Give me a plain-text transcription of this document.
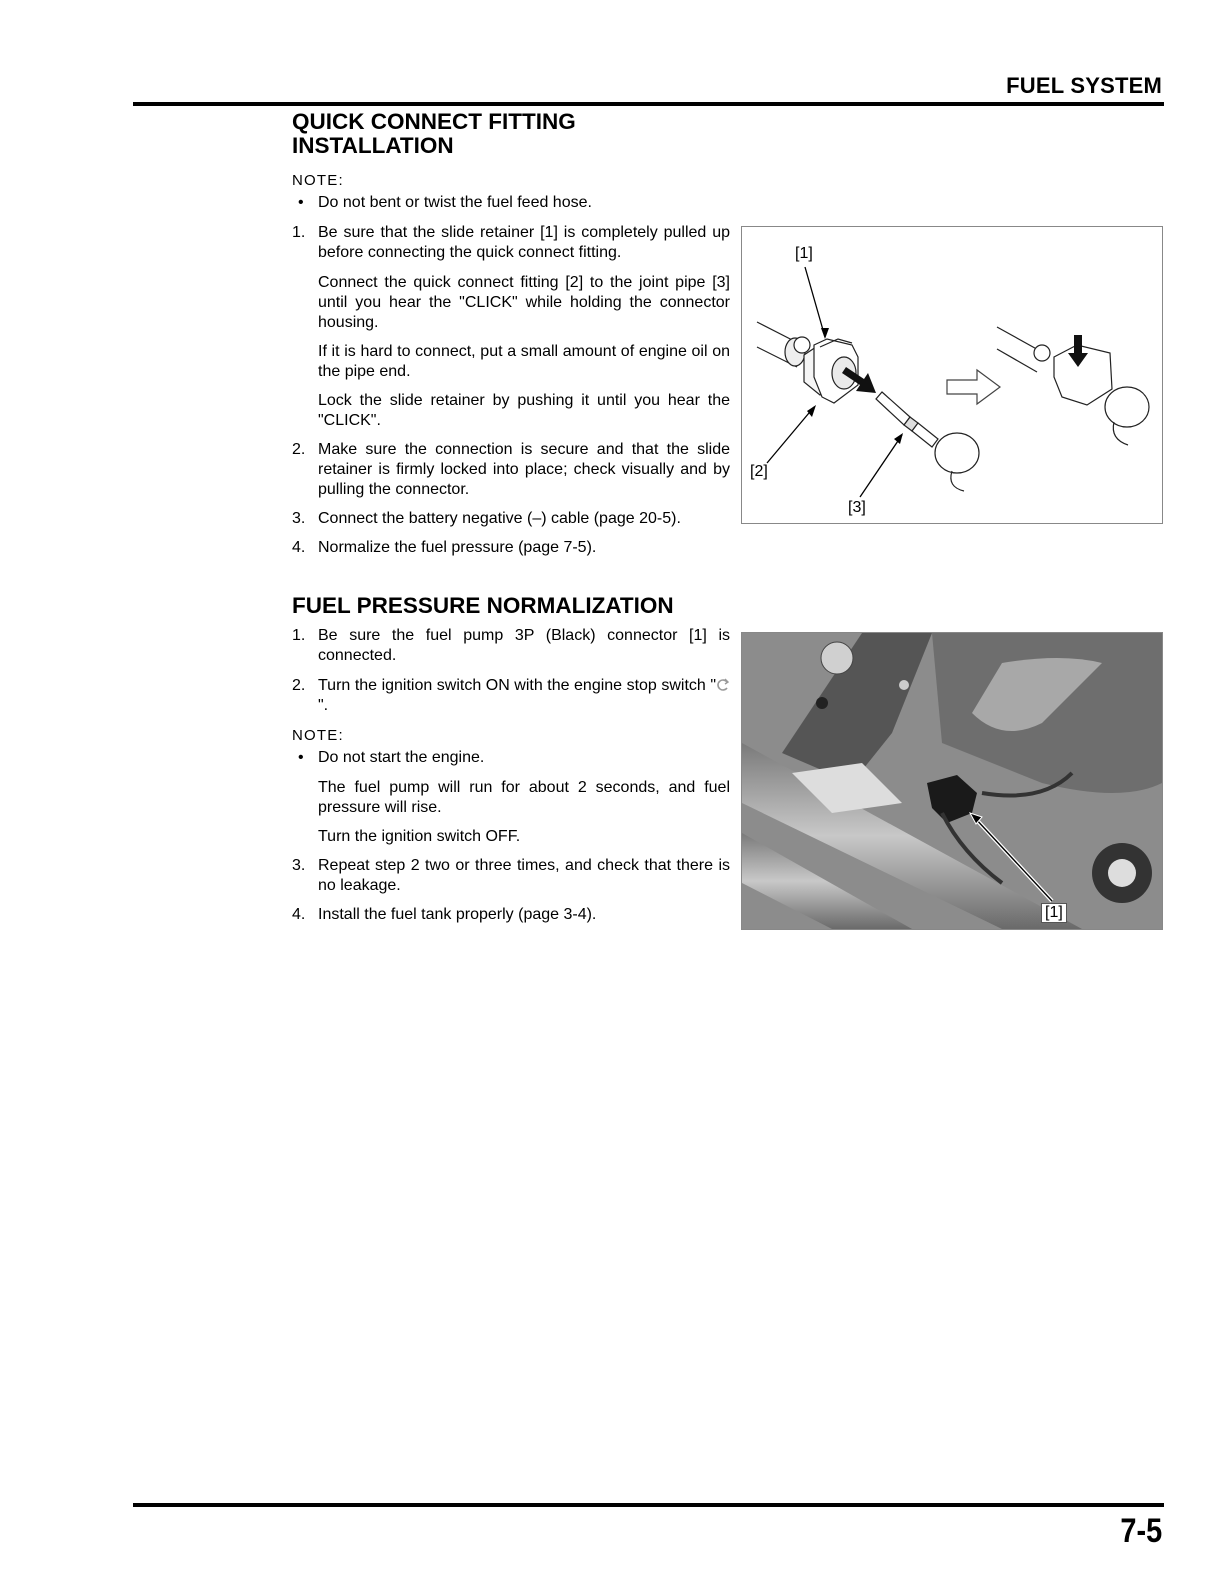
FUEL SYSTEM
QUICK CONNECT FITTING
INSTALLATION
NOTE:
• Do not bent or twist the fuel feed hose.
1. Be sure that the slide retainer [1] is completely pulled up before connecting the quick connect fitting.
Connect the quick connect fitting [2] to the joint pipe [3] until you hear the "CLICK" while holding the connector housing.
If it is hard to connect, put a small amount of engine oil on the pipe end.
Lock the slide retainer by pushing it until you hear the "CLICK".
2. Make sure the connection is secure and that the slide retainer is firmly locked into place; check visually and by pulling the connector.
3. Connect the battery negative (–) cable (page 20-5).
4. Normalize the fuel pressure (page 7-5).
[1]
[2]
[3]
FUEL PRESSURE NORMALIZATION
1. Be sure the fuel pump 3P (Black) connector [1] is connected.
2. Turn the ignition switch ON with the engine stop switch "
".
NOTE:
• Do not start the engine.
The fuel pump will run for about 2 seconds, and fuel pressure will rise.
Turn the ignition switch OFF.
3. Repeat step 2 two or three times, and check that there is no leakage.
4. Install the fuel tank properly (page 3-4).	[1]
7-5
